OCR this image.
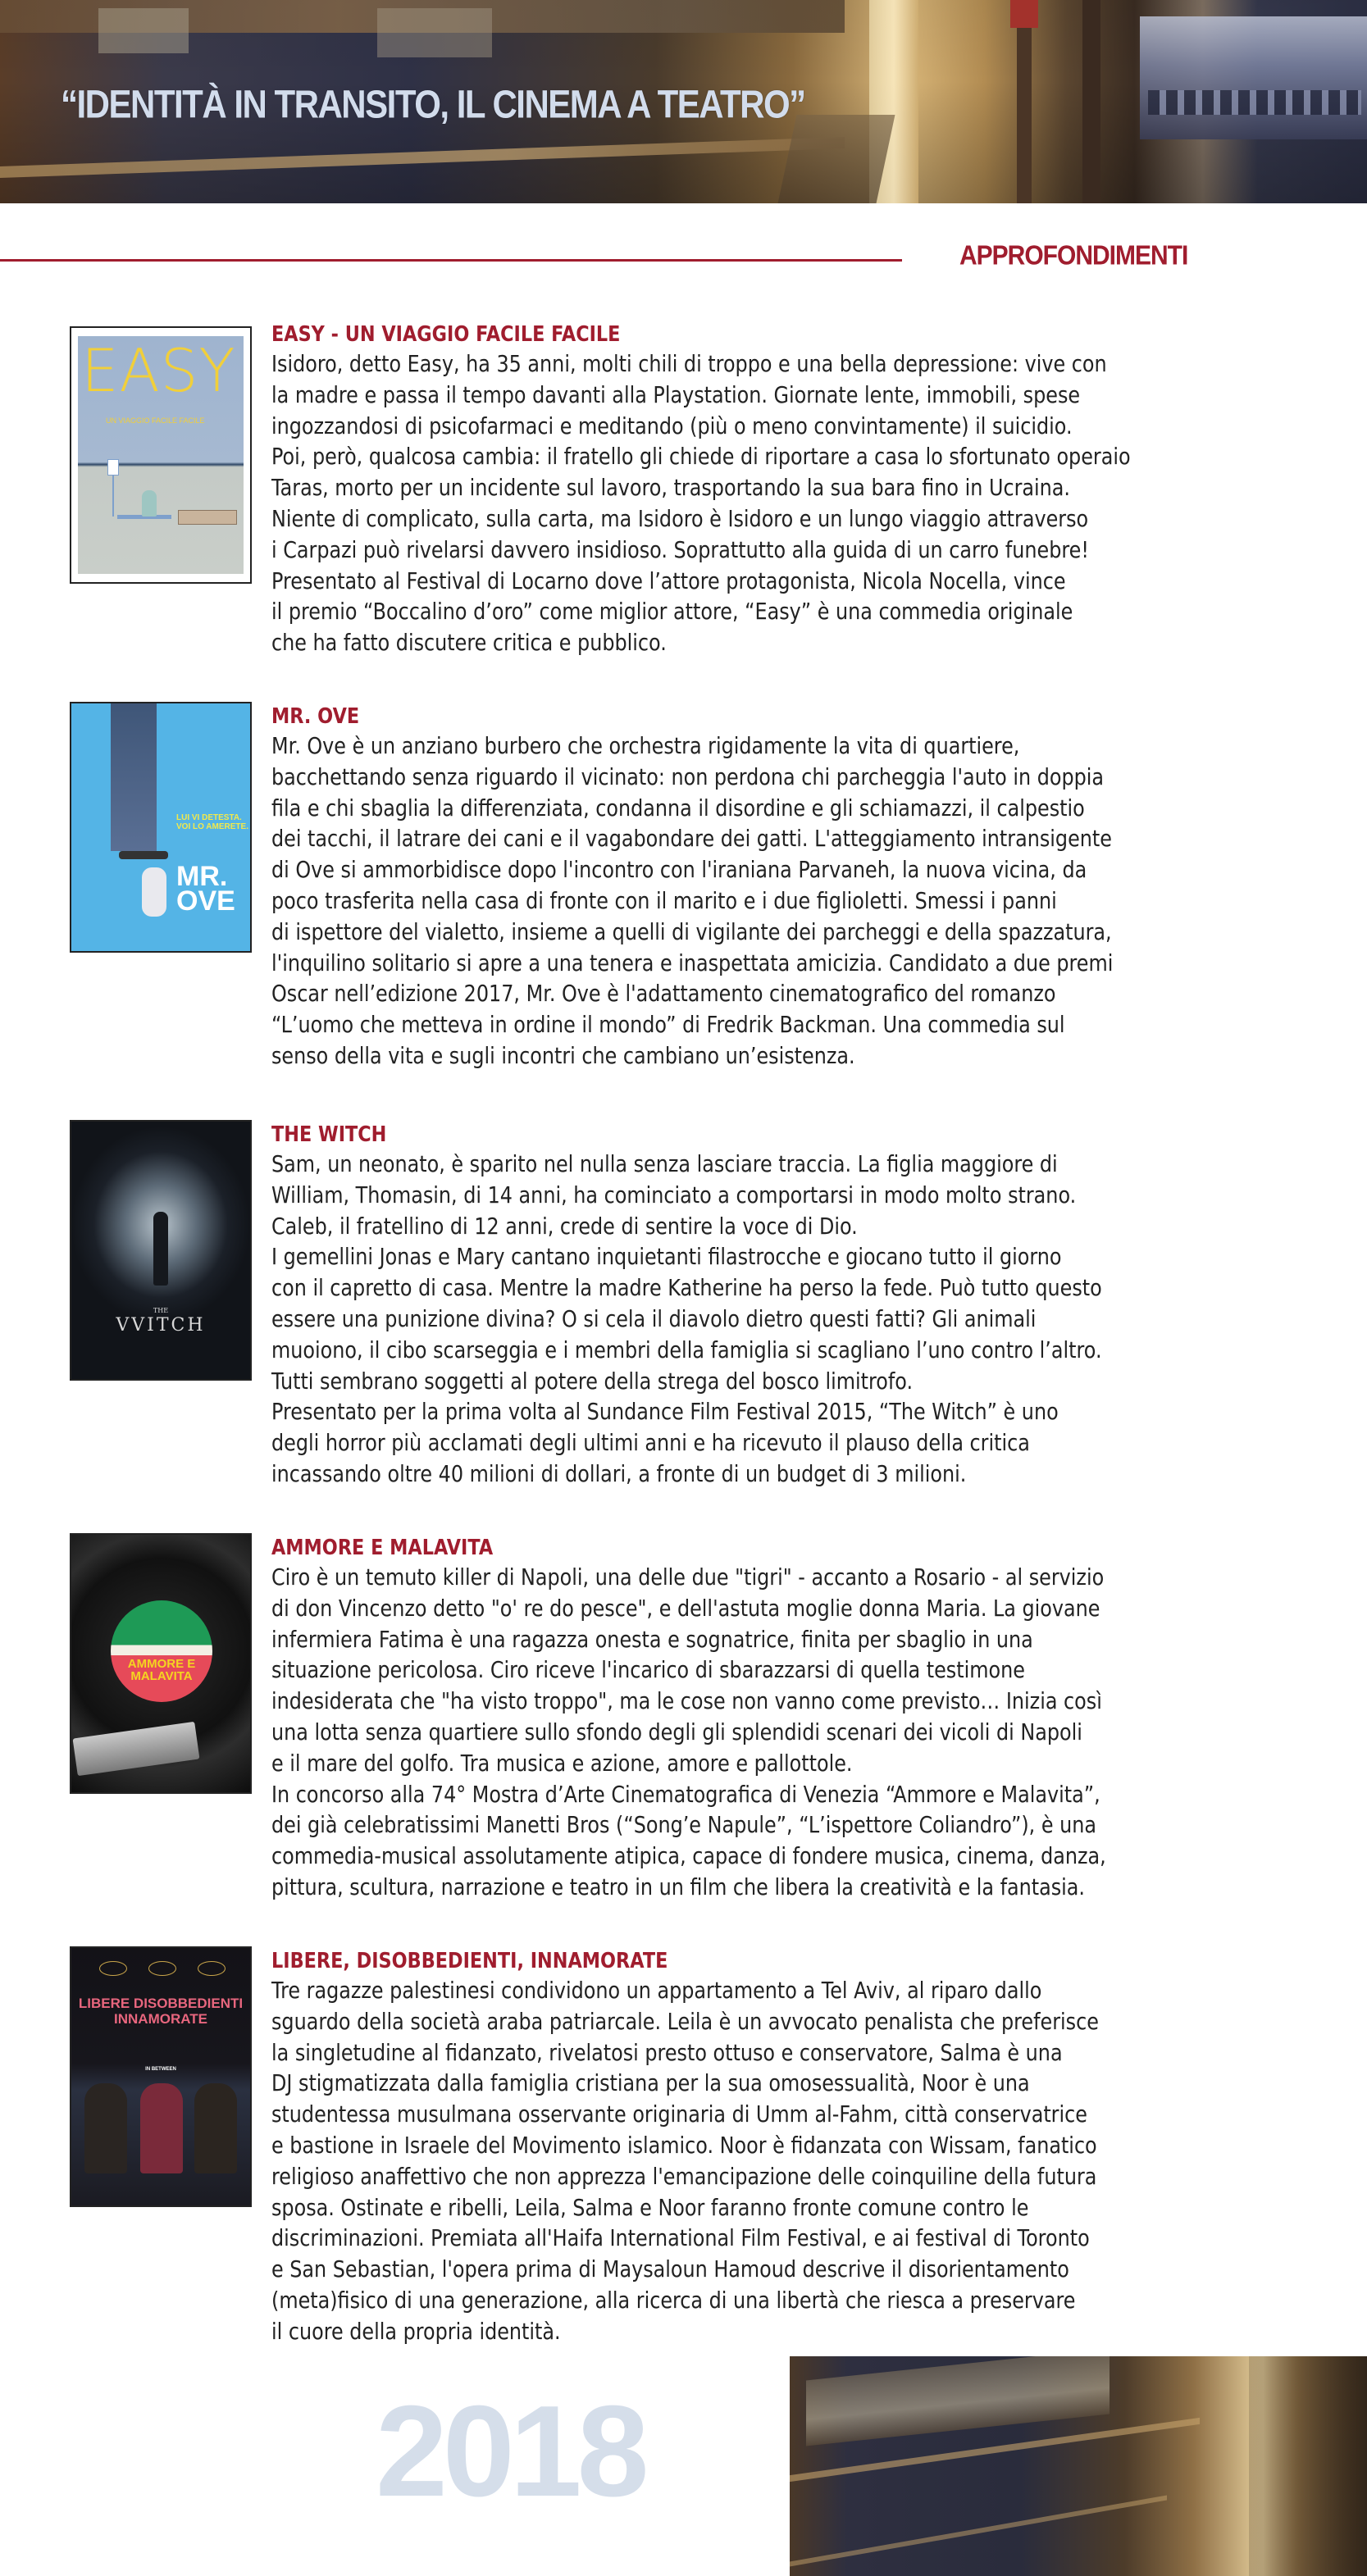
“IDENTITÀ IN TRANSITO, IL CINEMA A TEATRO”
APPROFONDIMENTI
EASY
UN VIAGGIO FACILE FACILE
EASY - UN VIAGGIO FACILE FACILE

Isidoro, detto Easy, ha 35 anni, molti chili di troppo e una bella depressione: vive con
la madre e passa il tempo davanti alla Playstation. Giornate lente, immobili, spese
ingozzandosi di psicofarmaci e meditando (più o meno convintamente) il suicidio.
Poi, però, qualcosa cambia: il fratello gli chiede di riportare a casa lo sfortunato operaio
Taras, morto per un incidente sul lavoro, trasportando la sua bara fino in Ucraina.
Niente di complicato, sulla carta, ma Isidoro è Isidoro e un lungo viaggio attraverso
i Carpazi può rivelarsi davvero insidioso. Soprattutto alla guida di un carro funebre!
Presentato al Festival di Locarno dove l’attore protagonista, Nicola Nocella, vince
il premio “Boccalino d’oro” come miglior attore, “Easy” è una commedia originale
che ha fatto discutere critica e pubblico.

LUI VI DETESTA. VOI LO AMERETE.
MR. OVE
MR. OVE

Mr. Ove è un anziano burbero che orchestra rigidamente la vita di quartiere,
bacchettando senza riguardo il vicinato: non perdona chi parcheggia l'auto in doppia
fila e chi sbaglia la differenziata, condanna il disordine e gli schiamazzi, il calpestio
dei tacchi, il latrare dei cani e il vagabondare dei gatti. L'atteggiamento intransigente
di Ove si ammorbidisce dopo l'incontro con l'iraniana Parvaneh, la nuova vicina, da
poco trasferita nella casa di fronte con il marito e i due figlioletti. Smessi i panni
di ispettore del vialetto, insieme a quelli di vigilante dei parcheggi e della spazzatura,
l'inquilino solitario si apre a una tenera e inaspettata amicizia. Candidato a due premi
Oscar nell’edizione 2017, Mr. Ove è l'adattamento cinematografico del romanzo
“L’uomo che metteva in ordine il mondo” di Fredrik Backman. Una commedia sul
senso della vita e sugli incontri che cambiano un’esistenza.

THE
VVITCH
THE WITCH

Sam, un neonato, è sparito nel nulla senza lasciare traccia. La figlia maggiore di
William, Thomasin, di 14 anni, ha cominciato a comportarsi in modo molto strano.
Caleb, il fratellino di 12 anni, crede di sentire la voce di Dio.
I gemellini Jonas e Mary cantano inquietanti filastrocche e giocano tutto il giorno
con il capretto di casa. Mentre la madre Katherine ha perso la fede. Può tutto questo
essere una punizione divina? O si cela il diavolo dietro questi fatti? Gli animali
muoiono, il cibo scarseggia e i membri della famiglia si scagliano l’uno contro l’altro.
Tutti sembrano soggetti al potere della strega del bosco limitrofo.
Presentato per la prima volta al Sundance Film Festival 2015, “The Witch” è uno
degli horror più acclamati degli ultimi anni e ha ricevuto il plauso della critica
incassando oltre 40 milioni di dollari, a fronte di un budget di 3 milioni.

AMMORE E MALAVITA
AMMORE E MALAVITA

Ciro è un temuto killer di Napoli, una delle due "tigri" - accanto a Rosario - al servizio
di don Vincenzo detto "o' re do pesce", e dell'astuta moglie donna Maria. La giovane
infermiera Fatima è una ragazza onesta e sognatrice, finita per sbaglio in una
situazione pericolosa. Ciro riceve l'incarico di sbarazzarsi di quella testimone
indesiderata che "ha visto troppo", ma le cose non vanno come previsto… Inizia così
una lotta senza quartiere sullo sfondo degli gli splendidi scenari dei vicoli di Napoli
e il mare del golfo. Tra musica e azione, amore e pallottole.
In concorso alla 74° Mostra d’Arte Cinematografica di Venezia “Ammore e Malavita”,
dei già celebratissimi Manetti Bros (“Song’e Napule”, “L’ispettore Coliandro”), è una
commedia-musical assolutamente atipica, capace di fondere musica, cinema, danza,
pittura, scultura, narrazione e teatro in un film che libera la creatività e la fantasia.

LIBERE DISOBBEDIENTI INNAMORATE
IN BETWEEN
LIBERE, DISOBBEDIENTI, INNAMORATE

Tre ragazze palestinesi condividono un appartamento a Tel Aviv, al riparo dallo
sguardo della società araba patriarcale. Leila è un avvocato penalista che preferisce
la singletudine al fidanzato, rivelatosi presto ottuso e conservatore, Salma è una
DJ stigmatizzata dalla famiglia cristiana per la sua omosessualità, Noor è una
studentessa musulmana osservante originaria di Umm al-Fahm, città conservatrice
e bastione in Israele del Movimento islamico. Noor è fidanzata con Wissam, fanatico
religioso anaffettivo che non apprezza l'emancipazione delle coinquiline della futura
sposa. Ostinate e ribelli, Leila, Salma e Noor faranno fronte comune contro le
discriminazioni. Premiata all'Haifa International Film Festival, e ai festival di Toronto
e San Sebastian, l'opera prima di Maysaloun Hamoud descrive il disorientamento
(meta)fisico di una generazione, alla ricerca di una libertà che riesca a preservare
il cuore della propria identità.

2018
